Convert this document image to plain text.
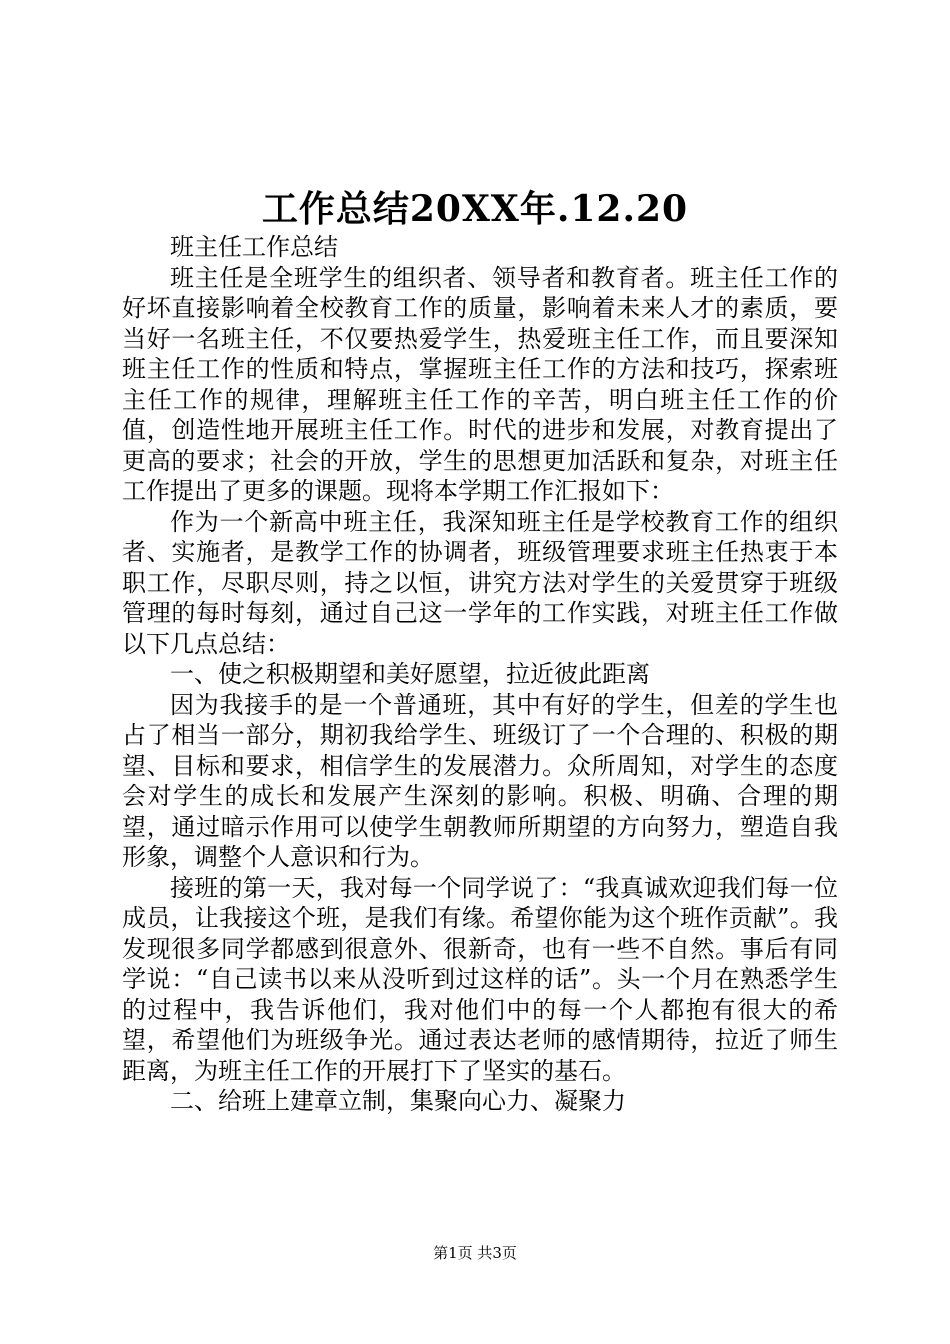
工作总结20XX年.12.20

班主任工作总结

班主任是全班学生的组织者、领导者和教育者。班主任工作的好坏直接影响着全校教育工作的质量，影响着未来人才的素质，要当好一名班主任，不仅要热爱学生，热爱班主任工作，而且要深知班主任工作的性质和特点，掌握班主任工作的方法和技巧，探索班主任工作的规律，理解班主任工作的辛苦，明白班主任工作的价值，创造性地开展班主任工作。时代的进步和发展，对教育提出了更高的要求；社会的开放，学生的思想更加活跃和复杂，对班主任工作提出了更多的课题。现将本学期工作汇报如下：

作为一个新高中班主任，我深知班主任是学校教育工作的组织者、实施者，是教学工作的协调者，班级管理要求班主任热衷于本职工作，尽职尽则，持之以恒，讲究方法对学生的关爱贯穿于班级管理的每时每刻，通过自己这一学年的工作实践，对班主任工作做以下几点总结：

一、使之积极期望和美好愿望，拉近彼此距离

因为我接手的是一个普通班，其中有好的学生，但差的学生也占了相当一部分，期初我给学生、班级订了一个合理的、积极的期望、目标和要求，相信学生的发展潜力。众所周知，对学生的态度会对学生的成长和发展产生深刻的影响。积极、明确、合理的期望，通过暗示作用可以使学生朝教师所期望的方向努力，塑造自我形象，调整个人意识和行为。

接班的第一天，我对每一个同学说了：“我真诚欢迎我们每一位成员，让我接这个班，是我们有缘。希望你能为这个班作贡献”。我发现很多同学都感到很意外、很新奇，也有一些不自然。事后有同学说：“自己读书以来从没听到过这样的话”。头一个月在熟悉学生的过程中，我告诉他们，我对他们中的每一个人都抱有很大的希望，希望他们为班级争光。通过表达老师的感情期待，拉近了师生距离，为班主任工作的开展打下了坚实的基石。

二、给班上建章立制，集聚向心力、凝聚力

第1页 共3页
